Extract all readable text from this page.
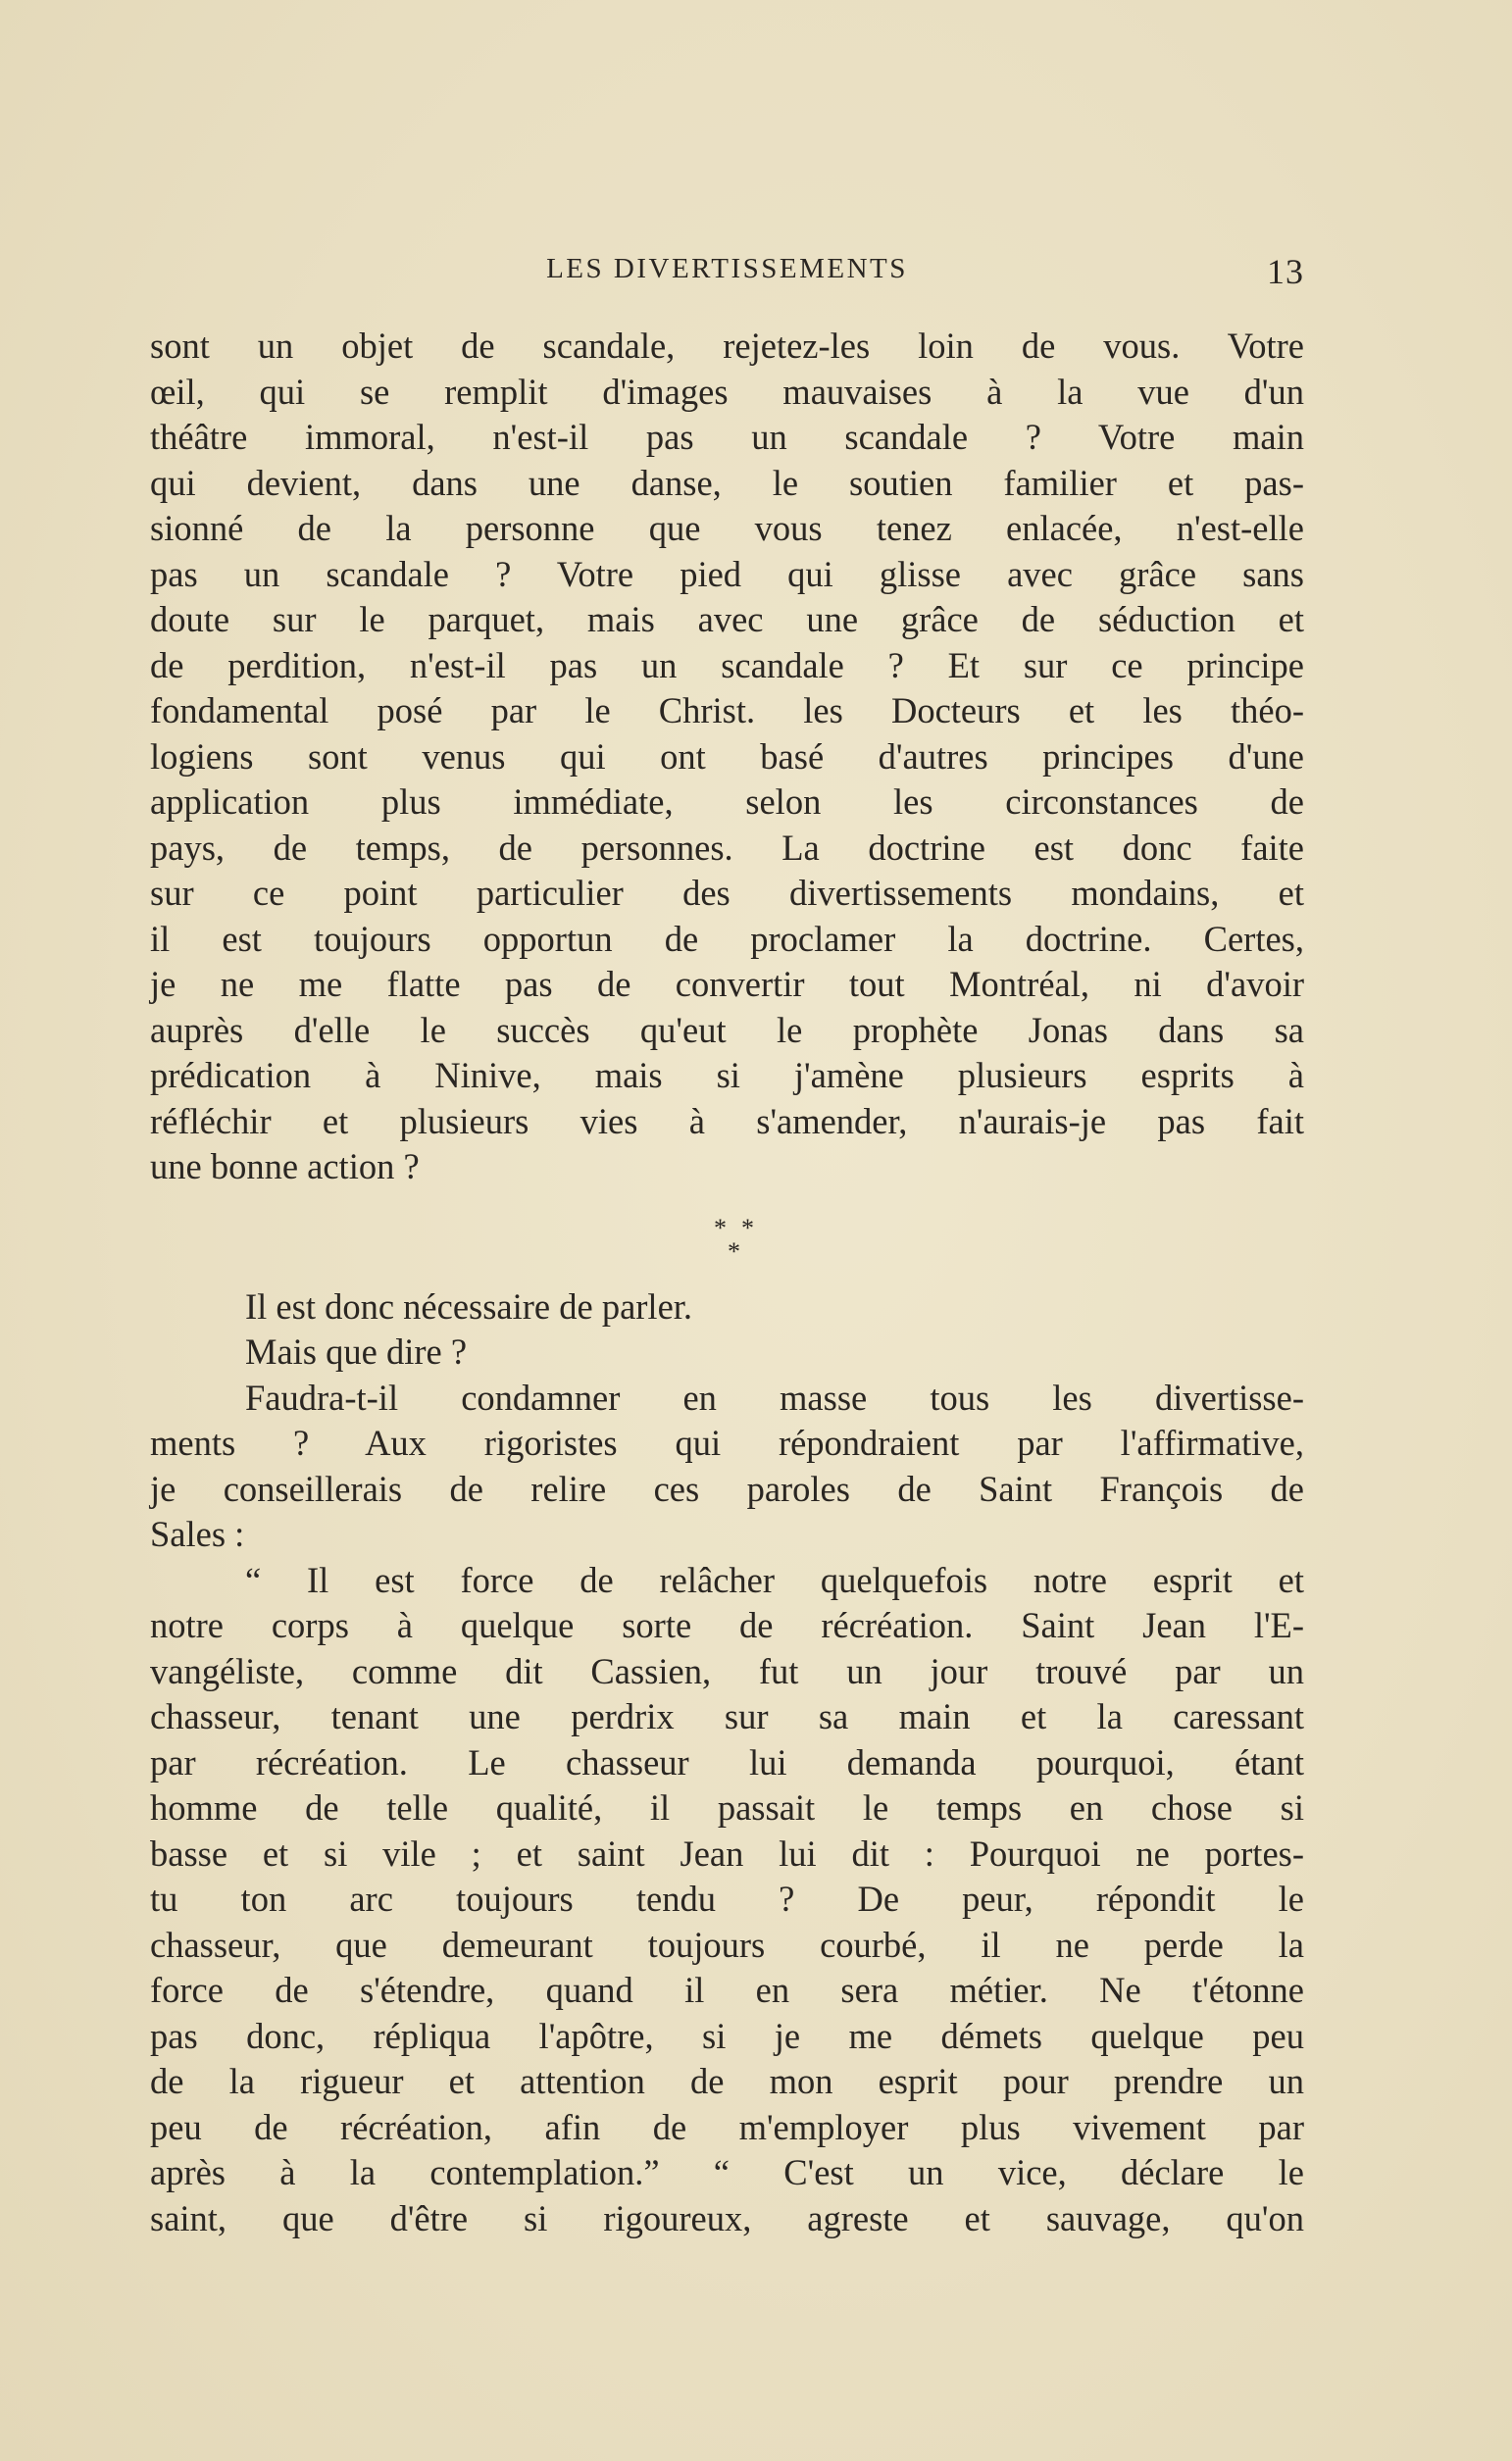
LES DIVERTISSEMENTS	13
sont un objet de scandale, rejetez-les loin de vous. Votre
œil, qui se remplit d'images mauvaises à la vue d'un
théâtre immoral, n'est-il pas un scandale ? Votre main
qui devient, dans une danse, le soutien familier et pas-
sionné de la personne que vous tenez enlacée, n'est-elle
pas un scandale ? Votre pied qui glisse avec grâce sans
doute sur le parquet, mais avec une grâce de séduction et
de perdition, n'est-il pas un scandale ? Et sur ce principe
fondamental posé par le Christ. les Docteurs et les théo-
logiens sont venus qui ont basé d'autres principes d'une
application plus immédiate, selon les circonstances de
pays, de temps, de personnes. La doctrine est donc faite
sur ce point particulier des divertissements mondains, et
il est toujours opportun de proclamer la doctrine. Certes,
je ne me flatte pas de convertir tout Montréal, ni d'avoir
auprès d'elle le succès qu'eut le prophète Jonas dans sa
prédication à Ninive, mais si j'amène plusieurs esprits à
réfléchir et plusieurs vies à s'amender, n'aurais-je pas fait
une bonne action ?
* *
*
Il est donc nécessaire de parler.
Mais que dire ?
Faudra-t-il condamner en masse tous les divertisse-
ments ? Aux rigoristes qui répondraient par l'affirmative,
je conseillerais de relire ces paroles de Saint François de
Sales :
“ Il est force de relâcher quelquefois notre esprit et
notre corps à quelque sorte de récréation. Saint Jean l'E-
vangéliste, comme dit Cassien, fut un jour trouvé par un
chasseur, tenant une perdrix sur sa main et la caressant
par récréation. Le chasseur lui demanda pourquoi, étant
homme de telle qualité, il passait le temps en chose si
basse et si vile ; et saint Jean lui dit : Pourquoi ne portes-
tu ton arc toujours tendu ? De peur, répondit le
chasseur, que demeurant toujours courbé, il ne perde la
force de s'étendre, quand il en sera métier. Ne t'étonne
pas donc, répliqua l'apôtre, si je me démets quelque peu
de la rigueur et attention de mon esprit pour prendre un
peu de récréation, afin de m'employer plus vivement par
après à la contemplation.” “ C'est un vice, déclare le
saint, que d'être si rigoureux, agreste et sauvage, qu'on
